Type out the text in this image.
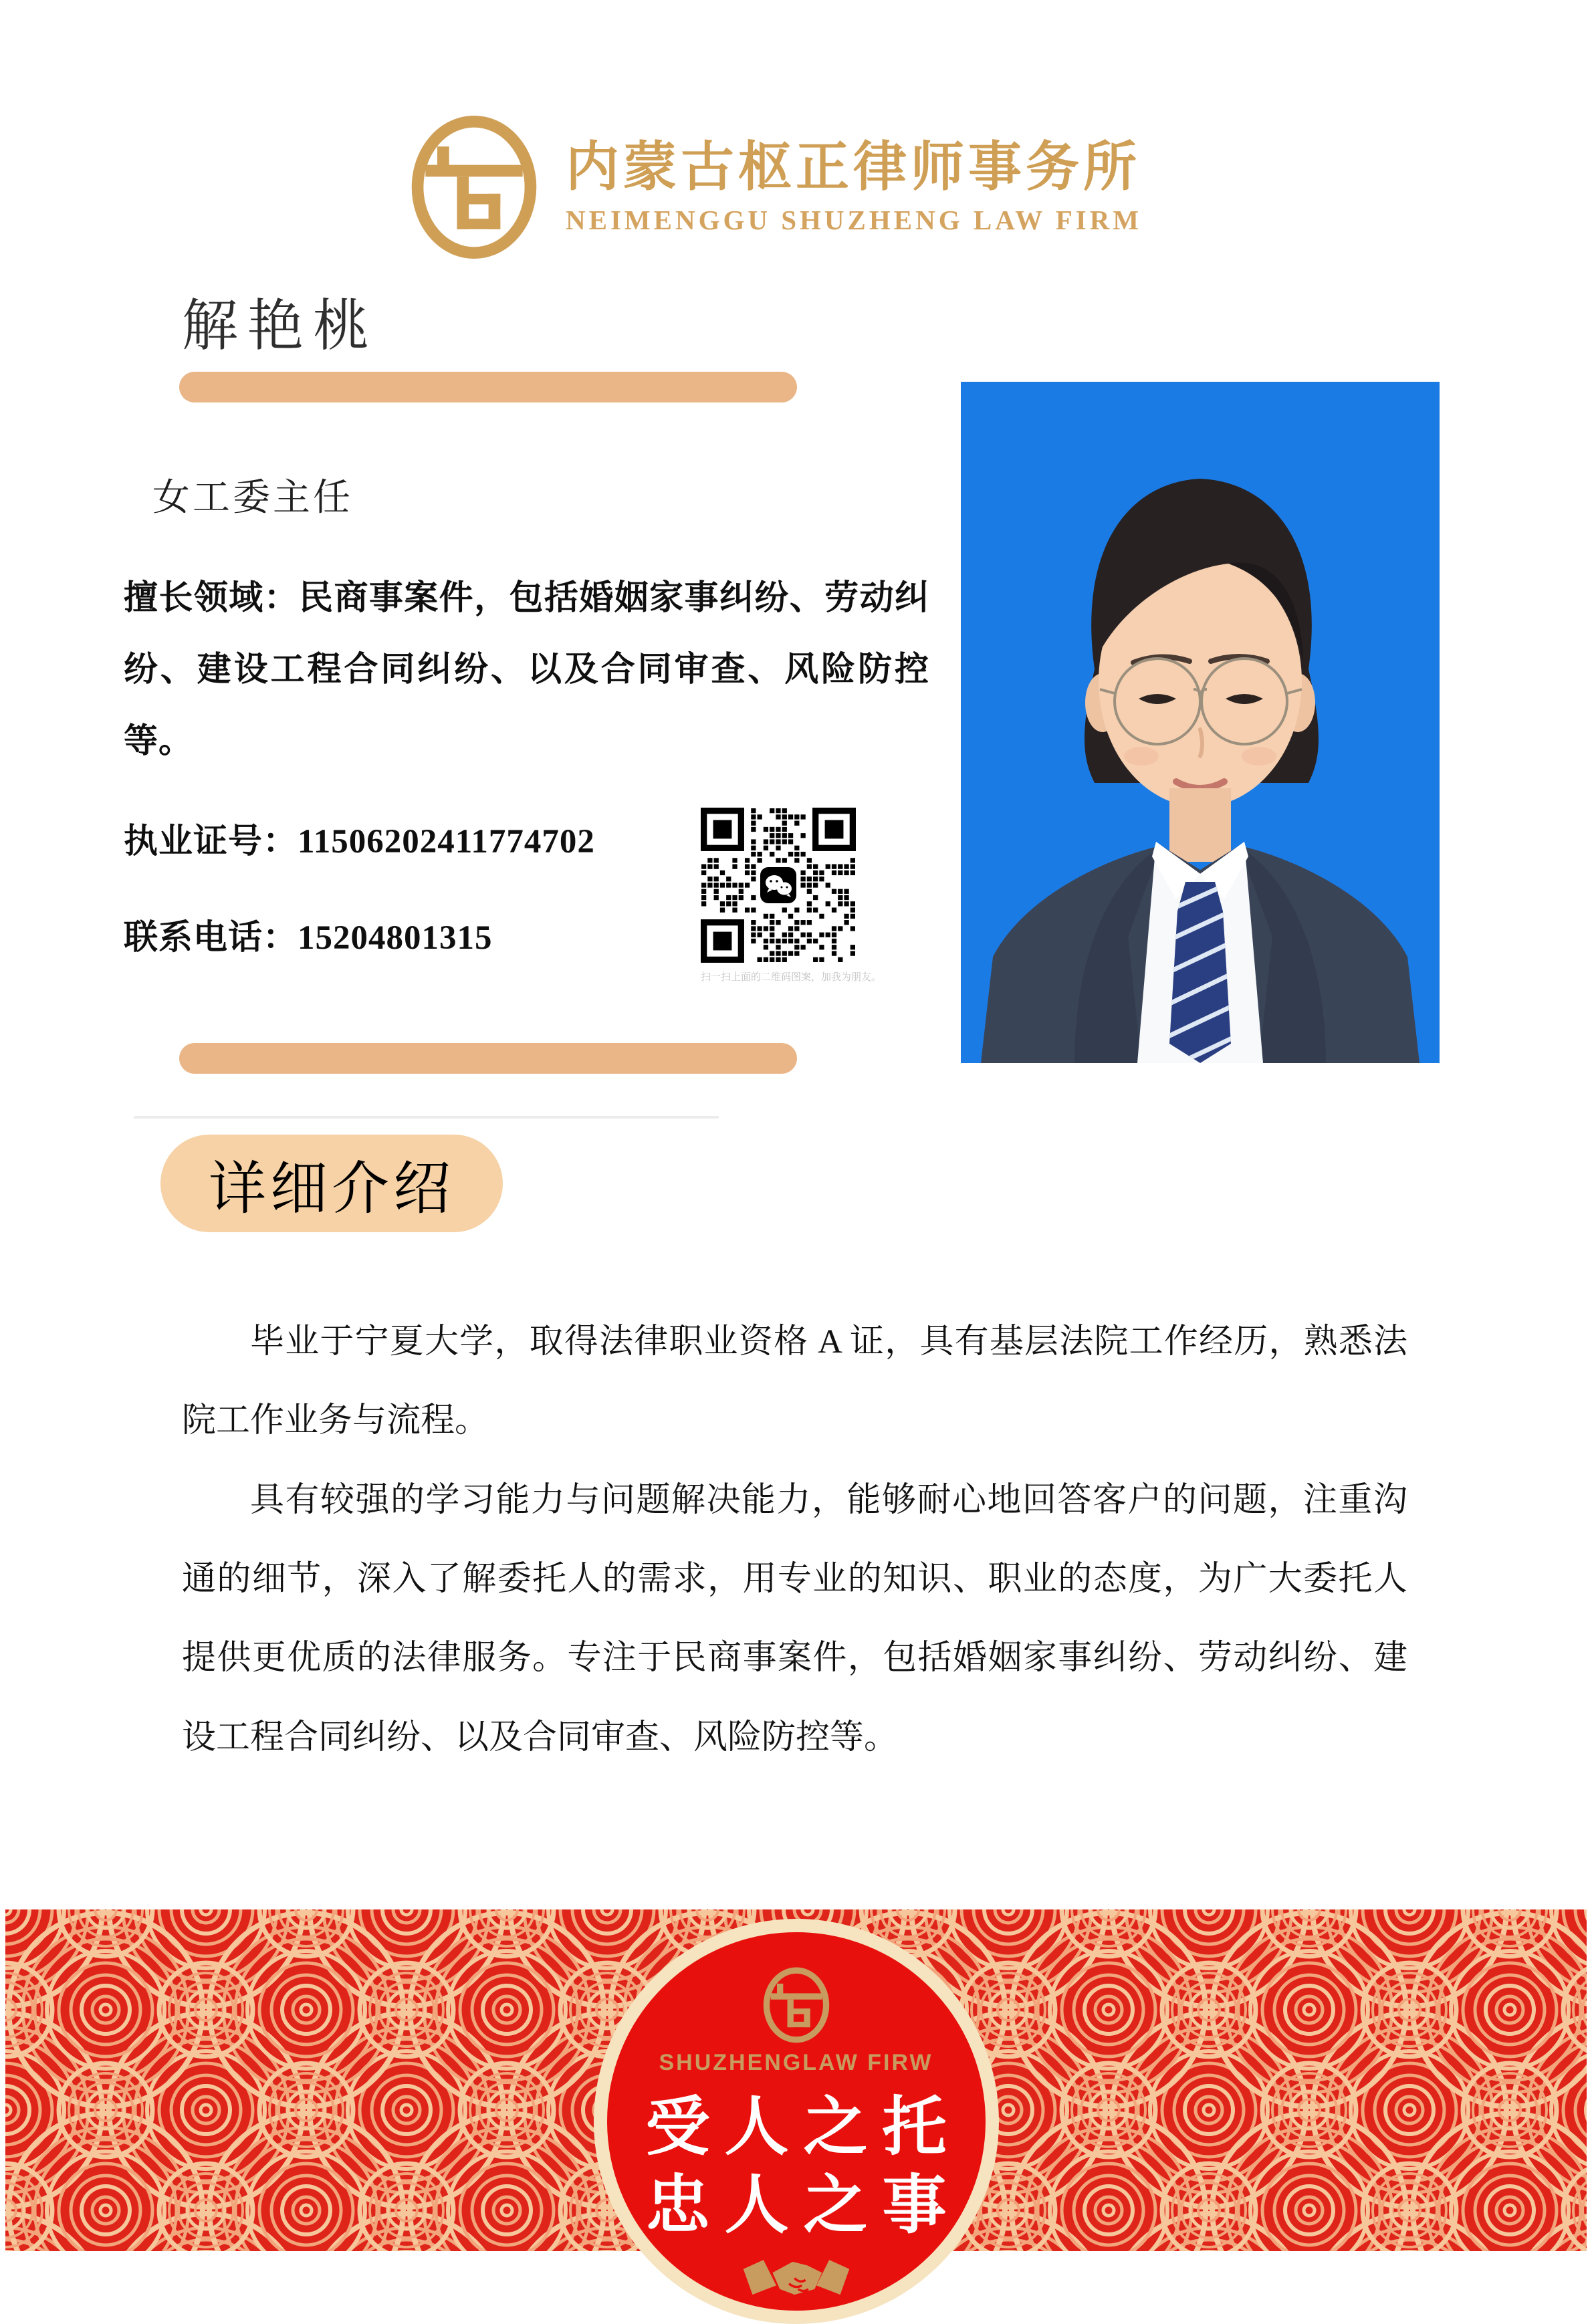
内蒙古枢正律师事务所
NEIMENGGU SHUZHENG LAW FIRM
解艳桃
女工委主任
擅长领域：民商事案件，包括婚姻家事纠纷、劳动纠纷、建设工程合同纠纷、以及合同审查、风险防控等。
执业证号：11506202411774702
联系电话：15204801315
扫一扫上面的二维码图案，加我为朋友。
详细介绍

毕业于宁夏大学，取得法律职业资格 A 证，具有基层法院工作经历，熟悉法院工作业务与流程。

具有较强的学习能力与问题解决能力，能够耐心地回答客户的问题，注重沟通的细节，深入了解委托人的需求，用专业的知识、职业的态度，为广大委托人提供更优质的法律服务。专注于民商事案件，包括婚姻家事纠纷、劳动纠纷、建设工程合同纠纷、以及合同审查、风险防控等。

SHUZHENGLAW FIRW
受人之托
忠人之事
